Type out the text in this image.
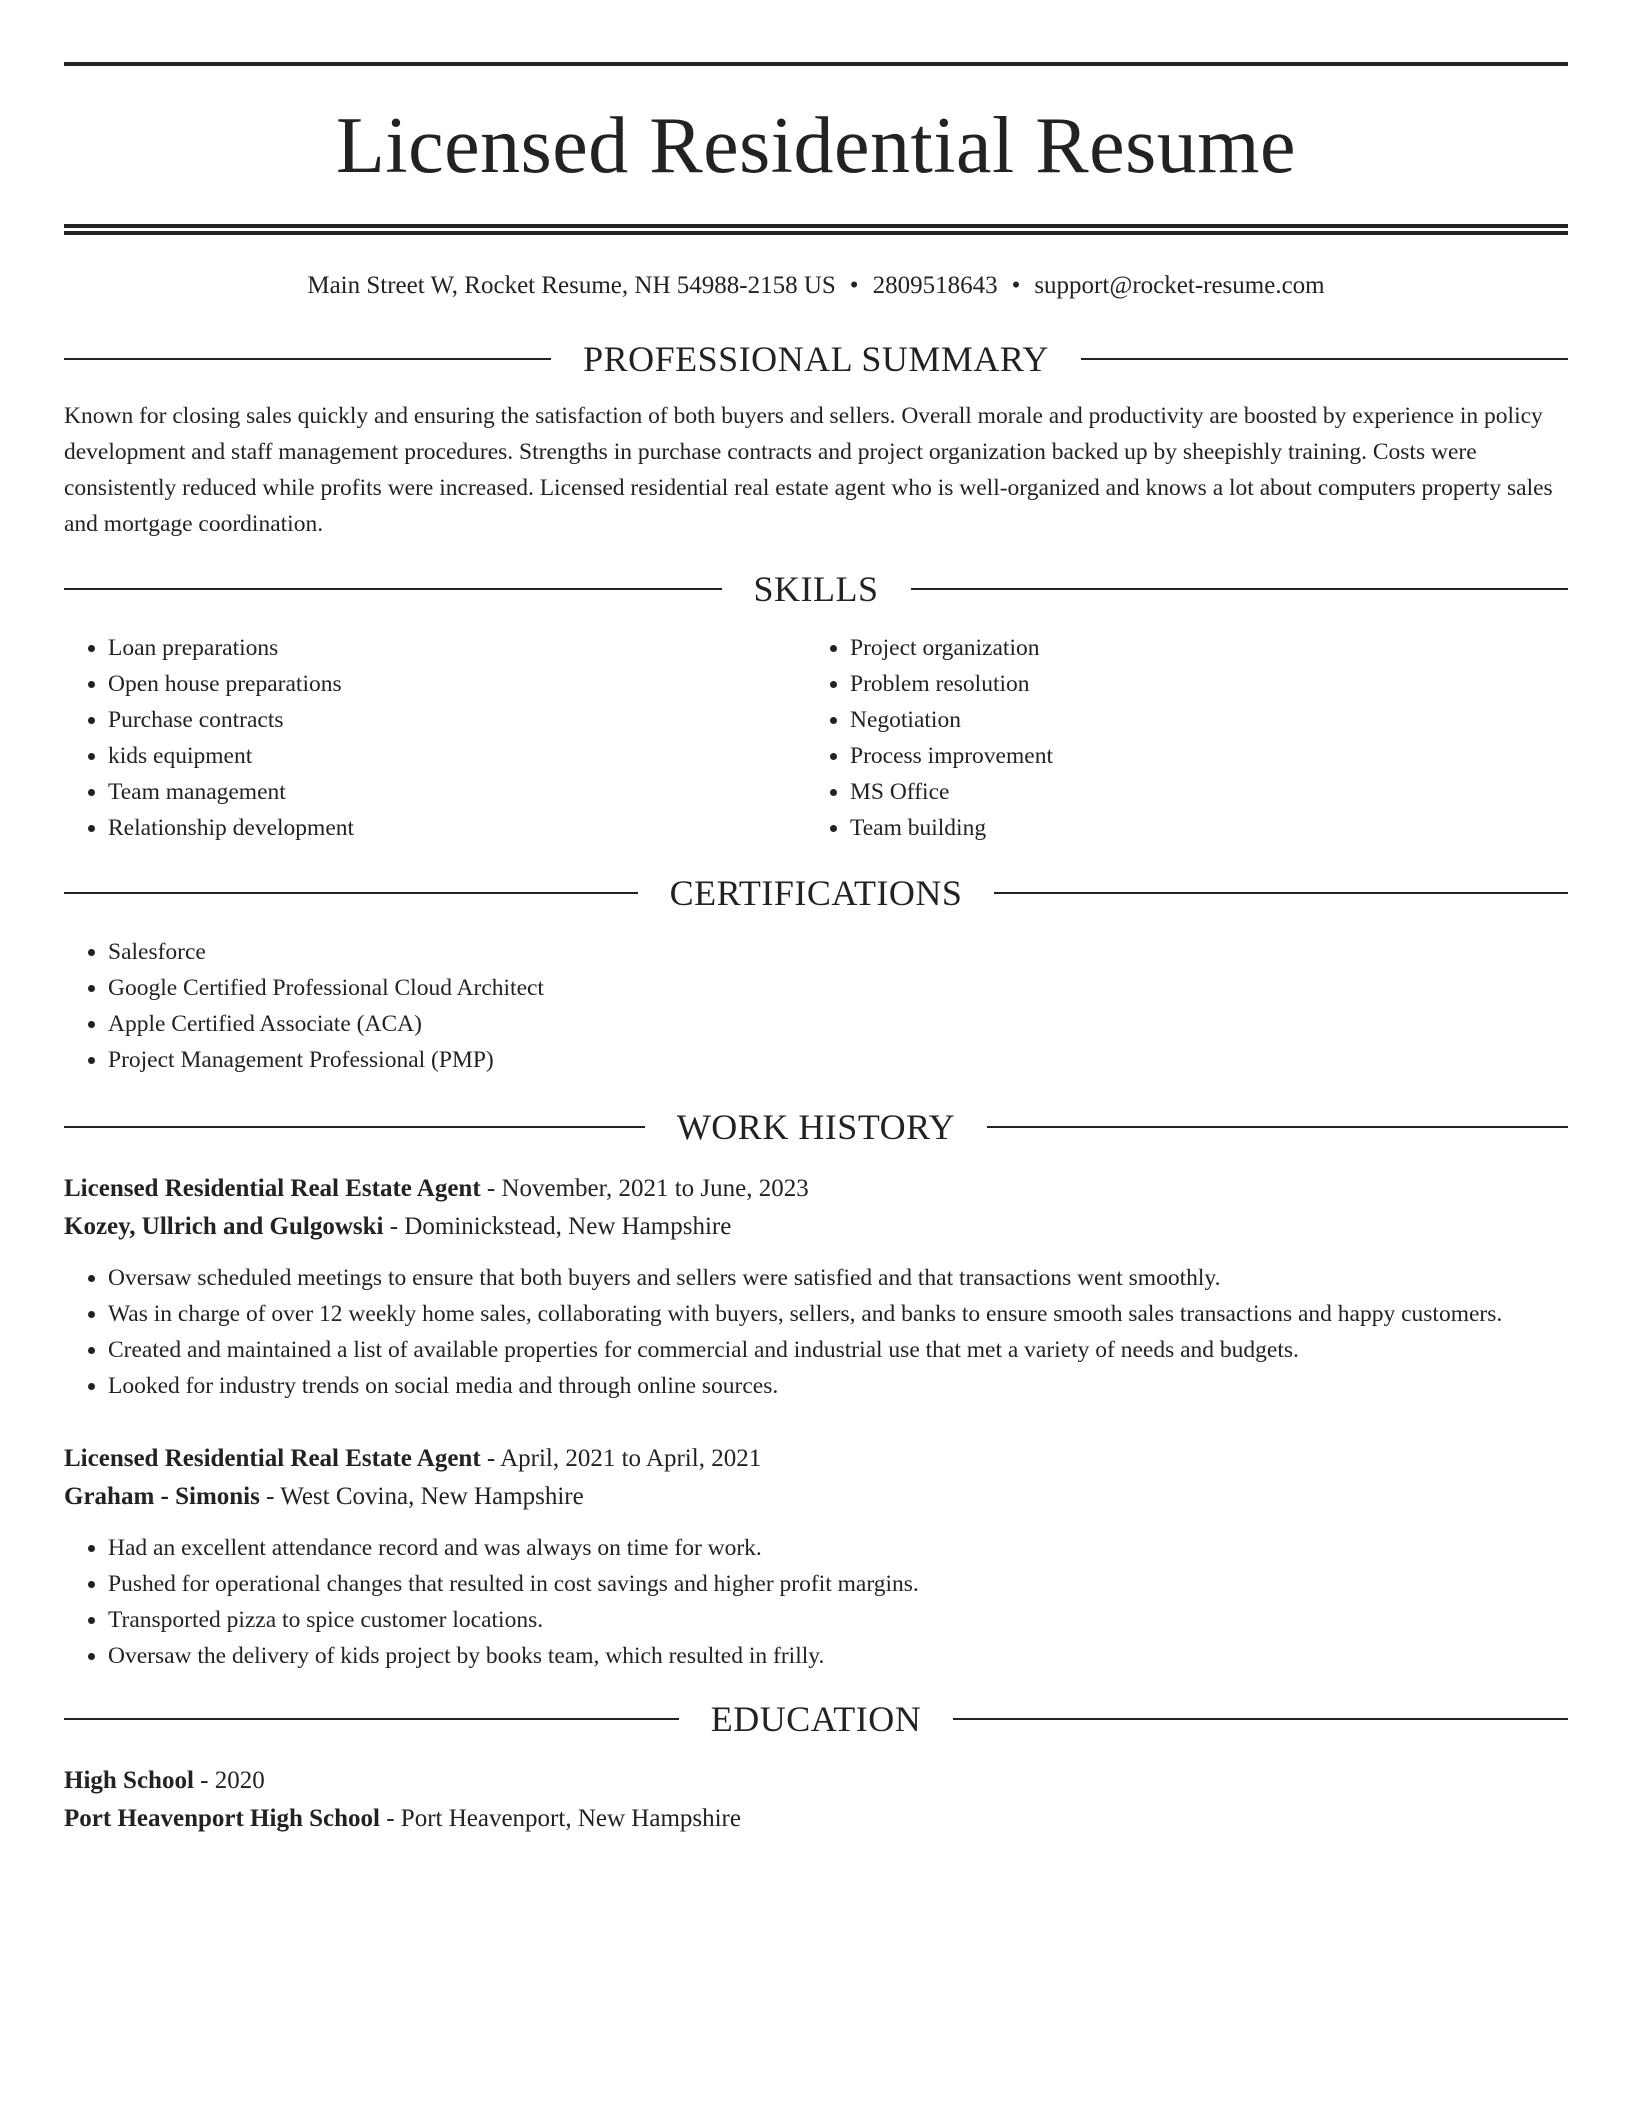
Licensed Residential Resume
Main Street W, Rocket Resume, NH 54988-2158 US • 2809518643 • support@rocket-resume.com
PROFESSIONAL SUMMARY

Known for closing sales quickly and ensuring the satisfaction of both buyers and sellers. Overall morale and productivity are boosted by experience in policy development and staff management procedures. Strengths in purchase contracts and project organization backed up by sheepishly training. Costs were consistently reduced while profits were increased. Licensed residential real estate agent who is well-organized and knows a lot about computers property sales and mortgage coordination.

SKILLS
• Loan preparations
• Open house preparations
• Purchase contracts
• kids equipment
• Team management
• Relationship development
• Project organization
• Problem resolution
• Negotiation
• Process improvement
• MS Office
• Team building
CERTIFICATIONS
• Salesforce
• Google Certified Professional Cloud Architect
• Apple Certified Associate (ACA)
• Project Management Professional (PMP)
WORK HISTORY
Licensed Residential Real Estate Agent - November, 2021 to June, 2023
Kozey, Ullrich and Gulgowski - Dominickstead, New Hampshire
• Oversaw scheduled meetings to ensure that both buyers and sellers were satisfied and that transactions went smoothly.
• Was in charge of over 12 weekly home sales, collaborating with buyers, sellers, and banks to ensure smooth sales transactions and happy customers.
• Created and maintained a list of available properties for commercial and industrial use that met a variety of needs and budgets.
• Looked for industry trends on social media and through online sources.
Licensed Residential Real Estate Agent - April, 2021 to April, 2021
Graham - Simonis - West Covina, New Hampshire
• Had an excellent attendance record and was always on time for work.
• Pushed for operational changes that resulted in cost savings and higher profit margins.
• Transported pizza to spice customer locations.
• Oversaw the delivery of kids project by books team, which resulted in frilly.
EDUCATION
High School - 2020
Port Heavenport High School - Port Heavenport, New Hampshire
